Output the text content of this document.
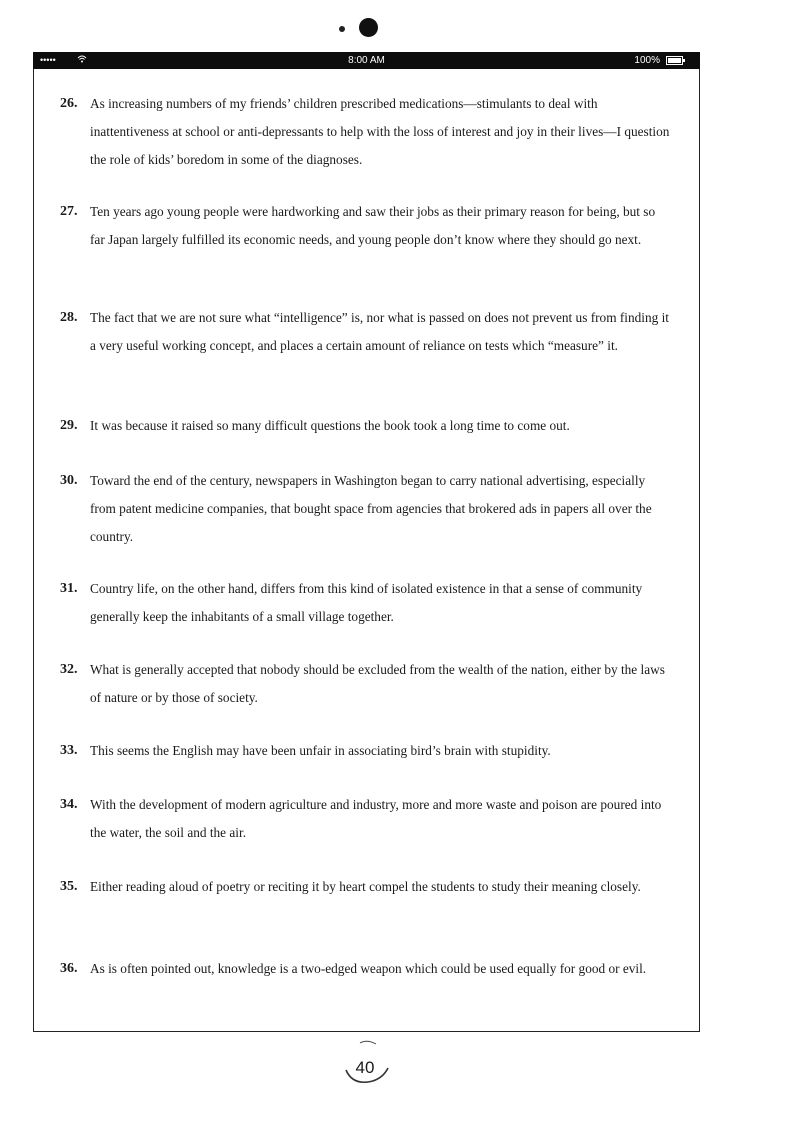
•••••	8:00 AM	100%
26. As increasing numbers of my friends’ children prescribed medications—stimulants to deal with inattentiveness at school or anti-depressants to help with the loss of interest and joy in their lives—I question the role of kids’ boredom in some of the diagnoses.
27. Ten years ago young people were hardworking and saw their jobs as their primary reason for being, but so far Japan largely fulfilled its economic needs, and young people don’t know where they should go next.
28. The fact that we are not sure what “intelligence” is, nor what is passed on does not prevent us from finding it a very useful working concept, and places a certain amount of reliance on tests which “measure” it.
29. It was because it raised so many difficult questions the book took a long time to come out.
30. Toward the end of the century, newspapers in Washington began to carry national advertising, especially from patent medicine companies, that bought space from agencies that brokered ads in papers all over the country.
31. Country life, on the other hand, differs from this kind of isolated existence in that a sense of community generally keep the inhabitants of a small village together.
32. What is generally accepted that nobody should be excluded from the wealth of the nation, either by the laws of nature or by those of society.
33. This seems the English may have been unfair in associating bird’s brain with stupidity.
34. With the development of modern agriculture and industry, more and more waste and poison are poured into the water, the soil and the air.
35. Either reading aloud of poetry or reciting it by heart compel the students to study their meaning closely.
36. As is often pointed out, knowledge is a two-edged weapon which could be used equally for good or evil.
40
